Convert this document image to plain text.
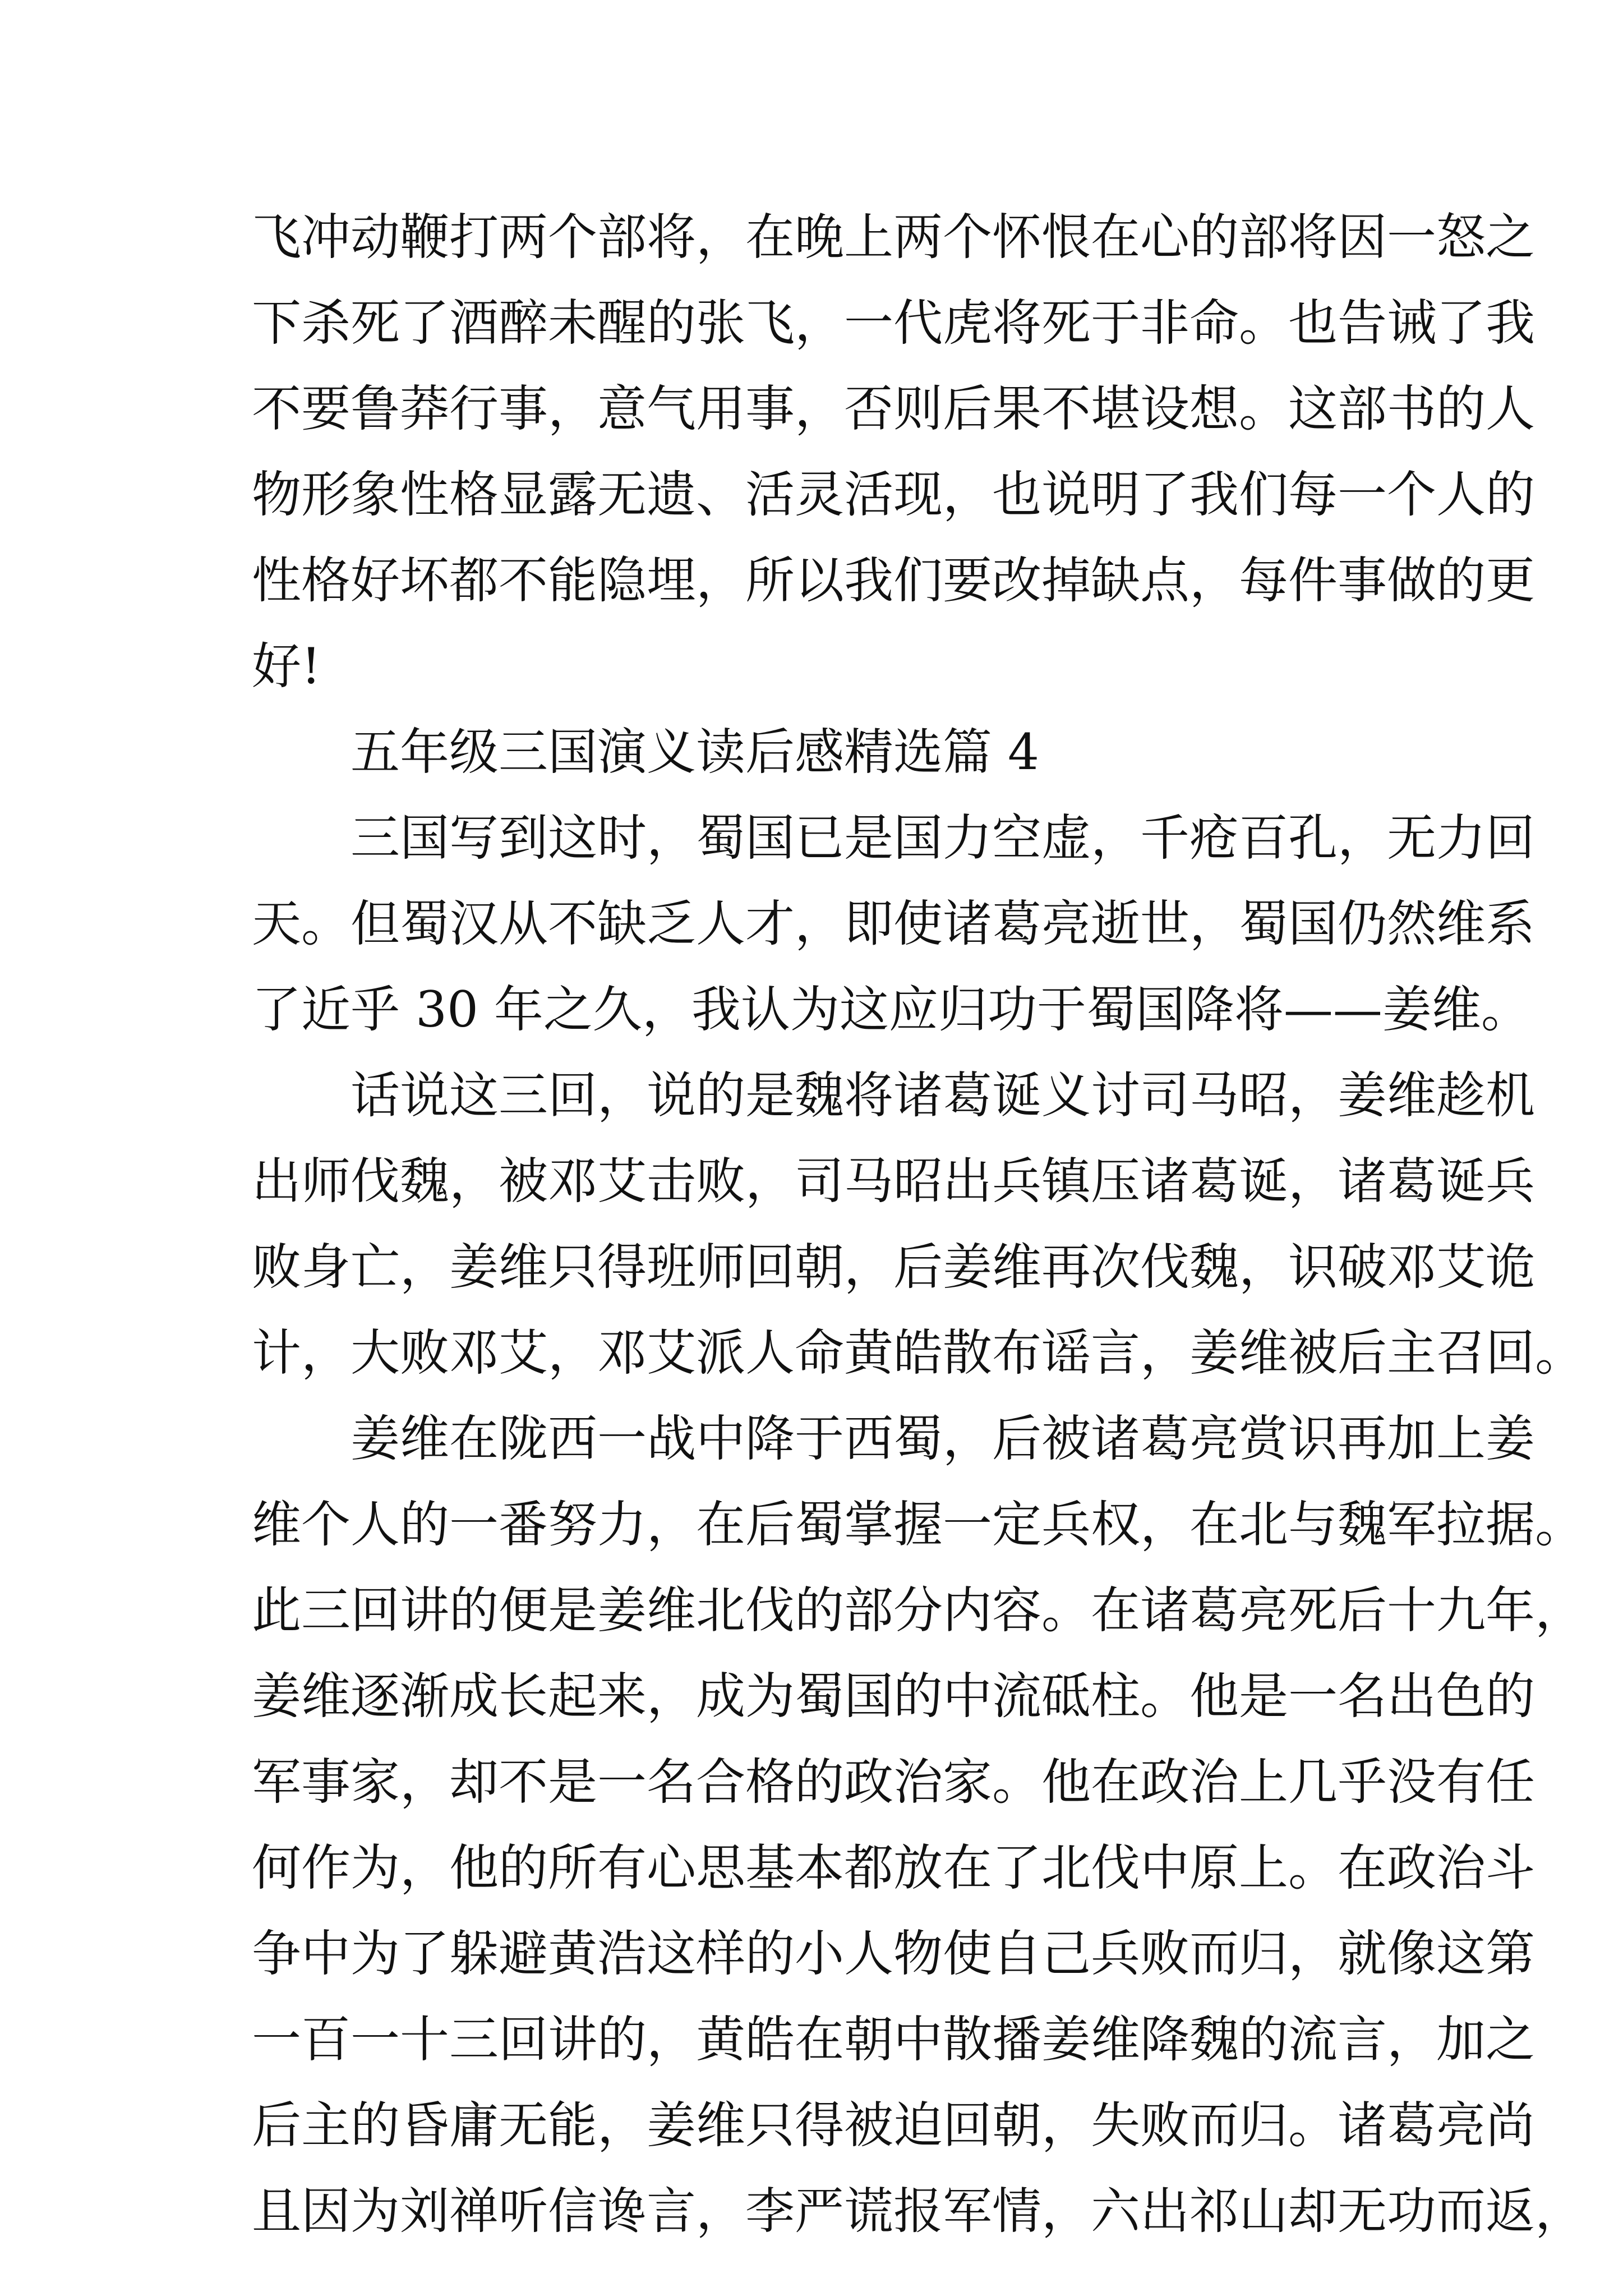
飞冲动鞭打两个部将，在晚上两个怀恨在心的部将因一怒之
下杀死了酒醉未醒的张飞，一代虎将死于非命。也告诫了我
不要鲁莽行事，意气用事，否则后果不堪设想。这部书的人
物形象性格显露无遗、活灵活现，也说明了我们每一个人的
性格好坏都不能隐埋，所以我们要改掉缺点，每件事做的更
好!
五年级三国演义读后感精选篇 4
三国写到这时，蜀国已是国力空虚，千疮百孔，无力回
天。但蜀汉从不缺乏人才，即使诸葛亮逝世，蜀国仍然维系
了近乎 30 年之久，我认为这应归功于蜀国降将——姜维。
话说这三回，说的是魏将诸葛诞义讨司马昭，姜维趁机
出师伐魏，被邓艾击败，司马昭出兵镇压诸葛诞，诸葛诞兵
败身亡，姜维只得班师回朝，后姜维再次伐魏，识破邓艾诡
计，大败邓艾，邓艾派人命黄皓散布谣言，姜维被后主召回。
姜维在陇西一战中降于西蜀，后被诸葛亮赏识再加上姜
维个人的一番努力，在后蜀掌握一定兵权，在北与魏军拉据。
此三回讲的便是姜维北伐的部分内容。在诸葛亮死后十九年，
姜维逐渐成长起来，成为蜀国的中流砥柱。他是一名出色的
军事家，却不是一名合格的政治家。他在政治上几乎没有任
何作为，他的所有心思基本都放在了北伐中原上。在政治斗
争中为了躲避黄浩这样的小人物使自己兵败而归，就像这第
一百一十三回讲的，黄皓在朝中散播姜维降魏的流言，加之
后主的昏庸无能，姜维只得被迫回朝，失败而归。诸葛亮尚
且因为刘禅听信谗言，李严谎报军情，六出祁山却无功而返，
